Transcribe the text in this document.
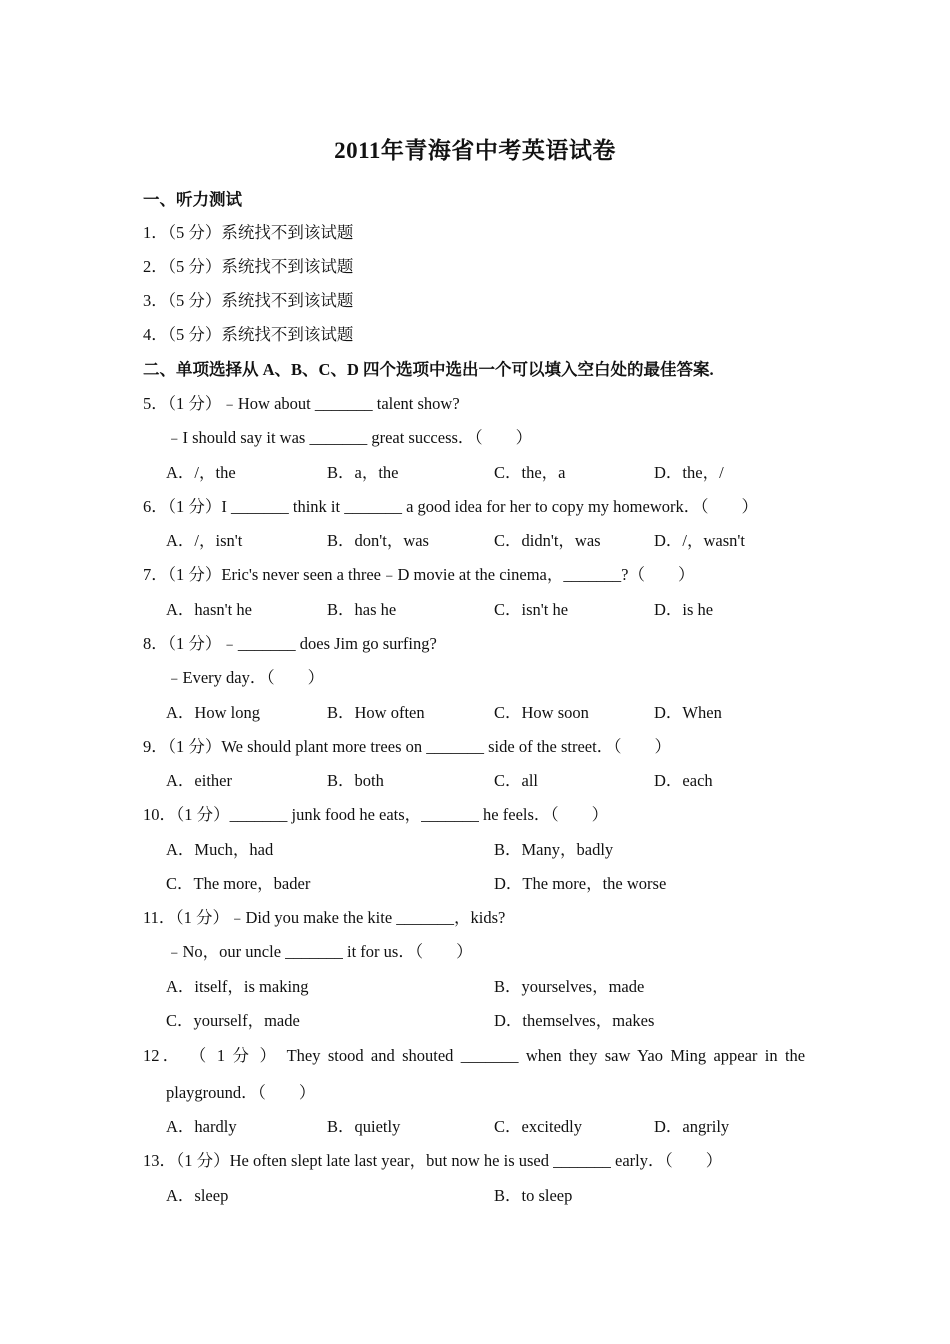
2011年青海省中考英语试卷
一、听力测试
1．（5 分）系统找不到该试题
2．（5 分）系统找不到该试题
3．（5 分）系统找不到该试题
4．（5 分）系统找不到该试题
二、单项选择从 A、B、C、D 四个选项中选出一个可以填入空白处的最佳答案.
5．（1 分）﹣How about _______ talent show?
﹣I should say it was _______ great success．（　　）
A．/，the	B．a，the	C．the，a	D．the，/
6．（1 分）I _______ think it _______ a good idea for her to copy my homework．（　　）
A．/，isn't	B．don't，was	C．didn't，was	D．/，wasn't
7．（1 分）Eric's never seen a three﹣D movie at the cinema，_______?（　　）
A．hasn't he	B．has he	C．isn't he	D．is he
8．（1 分）﹣_______ does Jim go surfing?
﹣Every day．（　　）
A．How long	B．How often	C．How soon	D．When
9．（1 分）We should plant more trees on _______ side of the street．（　　）
A．either	B．both	C．all	D．each
10．（1 分）_______ junk food he eats，_______ he feels．（　　）
A．Much，had	B．Many，badly
C．The more，bader	D．The more，the worse
11．（1 分）﹣Did you make the kite _______，kids?
﹣No，our uncle _______ it for us．（　　）
A．itself，is making	B．yourselves，made
C．yourself，made	D．themselves，makes
12． （ 1 分 ） They stood and shouted _______ when they saw Yao Ming appear in the
playground．（　　）
A．hardly	B．quietly	C．excitedly	D．angrily
13．（1 分）He often slept late last year，but now he is used _______ early．（　　）
A．sleep	B．to sleep
